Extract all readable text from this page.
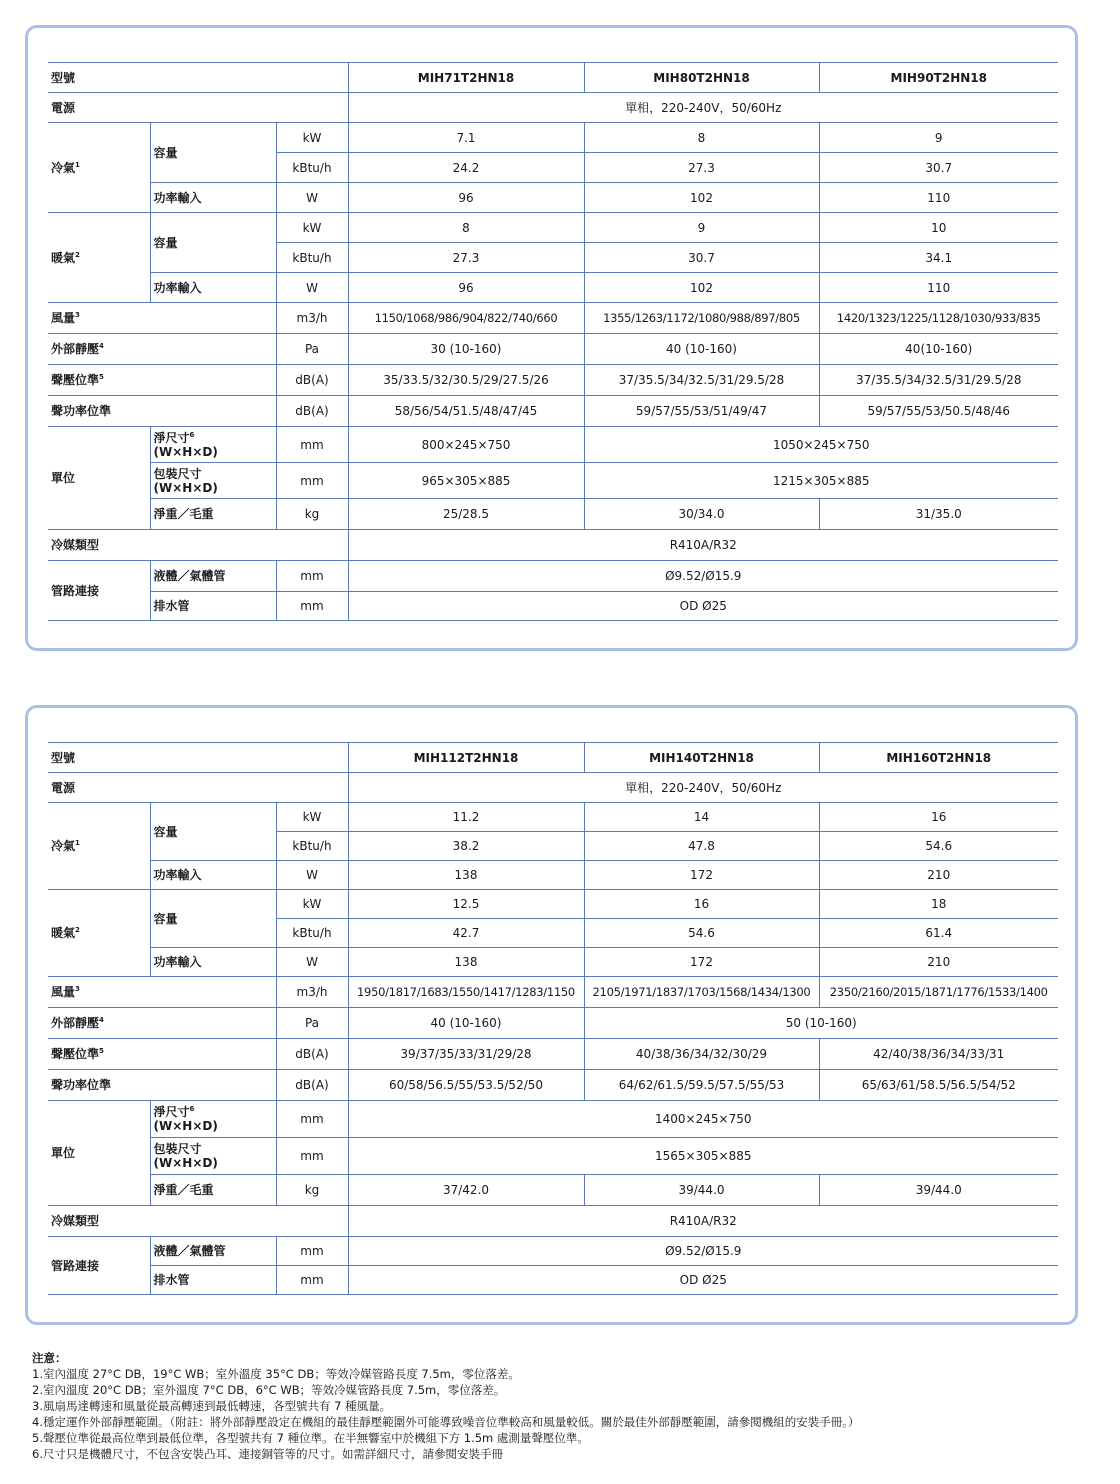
型號			MIH71T2HN18	MIH80T2HN18	MIH90T2HN18
電源			單相，220-240V，50/60Hz		
冷氣$^1$	容量	kW	7.1	8	9
		kBtu/h	24.2	27.3	30.7
	功率輸入	W	96	102	110
暖氣$^2$	容量	kW	8	9	10
		kBtu/h	27.3	30.7	34.1
	功率輸入	W	96	102	110
風量$^3$		m3/h	1150/1068/986/904/822/740/660	1355/1263/1172/1080/988/897/805	1420/1323/1225/1128/1030/933/835
外部靜壓$^4$		Pa	30 (10-160)	40 (10-160)	40(10-160)
聲壓位準$^5$		dB(A)	35/33.5/32/30.5/29/27.5/26	37/35.5/34/32.5/31/29.5/28	37/35.5/34/32.5/31/29.5/28
聲功率位準		dB(A)	58/56/54/51.5/48/47/45	59/57/55/53/51/49/47	59/57/55/53/50.5/48/46
單位	淨尺寸$^6$
(W×H×D)	mm	800×245×750	1050×245×750	
	包裝尺寸
(W×H×D)	mm	965×305×885	1215×305×885	
	淨重／毛重	kg	25/28.5	30/34.0	31/35.0
冷媒類型			R410A/R32		
管路連接	液體／氣體管	mm	Ø9.52/Ø15.9		
	排水管	mm	OD Ø25		
型號			MIH112T2HN18	MIH140T2HN18	MIH160T2HN18
電源			單相，220-240V，50/60Hz		
冷氣$^1$	容量	kW	11.2	14	16
		kBtu/h	38.2	47.8	54.6
	功率輸入	W	138	172	210
暖氣$^2$	容量	kW	12.5	16	18
		kBtu/h	42.7	54.6	61.4
	功率輸入	W	138	172	210
風量$^3$		m3/h	1950/1817/1683/1550/1417/1283/1150	2105/1971/1837/1703/1568/1434/1300	2350/2160/2015/1871/1776/1533/1400
外部靜壓$^4$		Pa	40 (10-160)	50 (10-160)	
聲壓位準$^5$		dB(A)	39/37/35/33/31/29/28	40/38/36/34/32/30/29	42/40/38/36/34/33/31
聲功率位準		dB(A)	60/58/56.5/55/53.5/52/50	64/62/61.5/59.5/57.5/55/53	65/63/61/58.5/56.5/54/52
單位	淨尺寸$^6$
(W×H×D)	mm	1400×245×750		
	包裝尺寸
(W×H×D)	mm	1565×305×885		
	淨重／毛重	kg	37/42.0	39/44.0	39/44.0
冷媒類型			R410A/R32		
管路連接	液體／氣體管	mm	Ø9.52/Ø15.9		
	排水管	mm	OD Ø25		
注意：
1.室內溫度 27°C DB，19°C WB；室外溫度 35°C DB；等效冷媒管路長度 7.5m，零位落差。
2.室內溫度 20°C DB；室外溫度 7°C DB，6°C WB；等效冷媒管路長度 7.5m，零位落差。
3.風扇馬達轉速和風量從最高轉速到最低轉速，各型號共有 7 種風量。
4.穩定運作外部靜壓範圍。（附註：將外部靜壓設定在機組的最佳靜壓範圍外可能導致噪音位準較高和風量較低。關於最佳外部靜壓範圍，請參閱機組的安裝手冊。）
5.聲壓位準從最高位準到最低位準，各型號共有 7 種位準。在半無響室中於機組下方 1.5m 處測量聲壓位準。
6.尺寸只是機體尺寸，不包含安裝凸耳、連接銅管等的尺寸。如需詳細尺寸，請參閱安裝手冊
